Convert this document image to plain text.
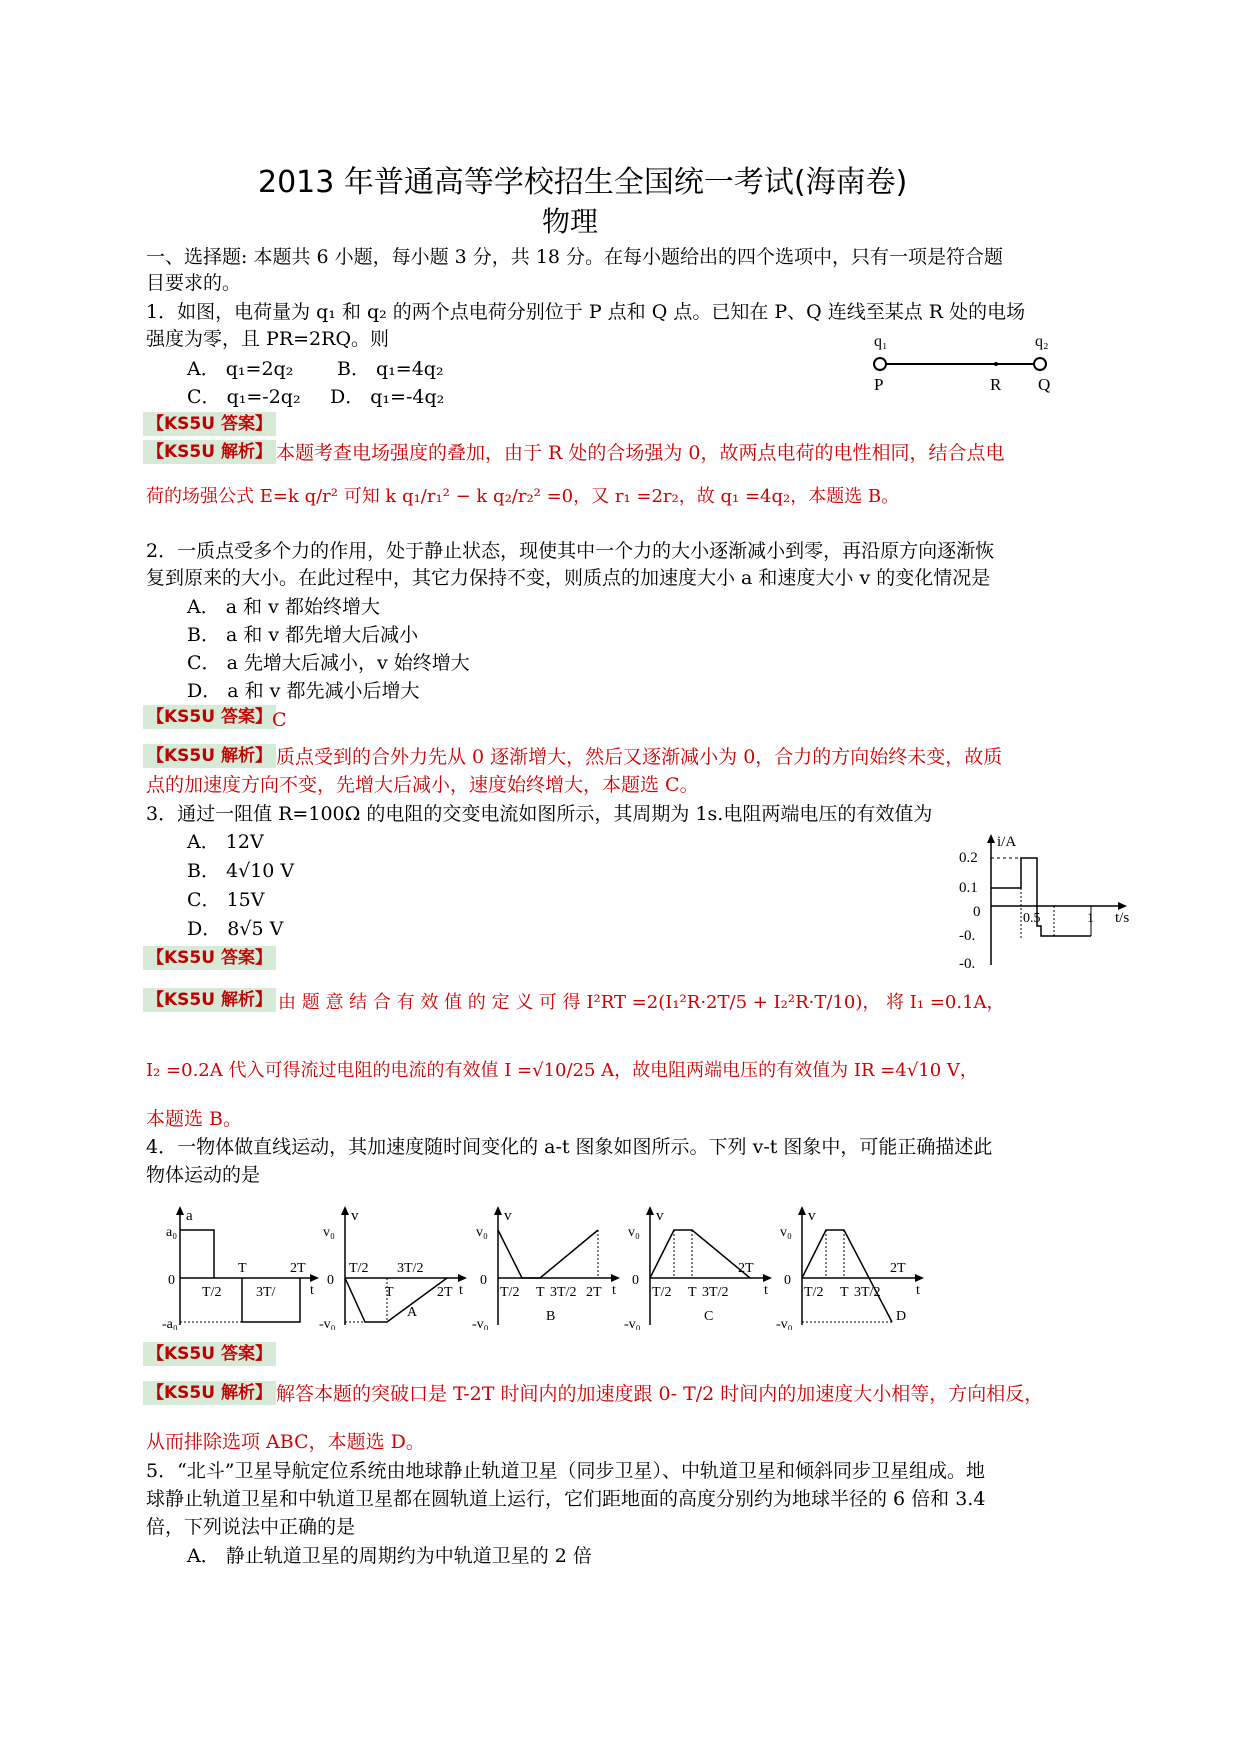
2013 年普通高等学校招生全国统一考试(海南卷)
物理
一、选择题: 本题共 6 小题，每小题 3 分，共 18 分。在每小题给出的四个选项中，只有一项是符合题
目要求的。
1．如图，电荷量为 q₁ 和 q₂ 的两个点电荷分别位于 P 点和 Q 点。已知在 P、Q 连线至某点 R 处的电场
强度为零，且 PR=2RQ。则
A． q₁=2q₂ B． q₁=4q₂
C． q₁=-2q₂ D． q₁=-4q₂
q₁	q₂
P	R Q
【KS5U 答案】
【KS5U 解析】 本题考查电场强度的叠加，由于 R 处的合场强为 0，故两点电荷的电性相同，结合点电
荷的场强公式 E=k q/r² 可知 k q₁/r₁² − k q₂/r₂² =0，又 r₁ =2r₂，故 q₁ =4q₂，本题选 B。
2．一质点受多个力的作用，处于静止状态，现使其中一个力的大小逐渐减小到零，再沿原方向逐渐恢
复到原来的大小。在此过程中，其它力保持不变，则质点的加速度大小 a 和速度大小 v 的变化情况是
A． a 和 v 都始终增大
B． a 和 v 都先增大后减小
C． a 先增大后减小，v 始终增大
D． a 和 v 都先减小后增大
【KS5U 答案】 C
【KS5U 解析】 质点受到的合外力先从 0 逐渐增大，然后又逐渐减小为 0，合力的方向始终未变，故质
点的加速度方向不变，先增大后减小，速度始终增大，本题选 C。
3．通过一阻值 R=100Ω 的电阻的交变电流如图所示，其周期为 1s.电阻两端电压的有效值为
A． 12V
B． 4√10 V
C． 15V
D． 8√5 V
i/A
0.2
0.1
0
-0.
-0.
0.5	1 t/s
【KS5U 答案】
【KS5U 解析】 由 题 意 结 合 有 效 值 的 定 义 可 得 I²RT =2(I₁²R·2T/5 + I₂²R·T/10)， 将 I₁ =0.1A，
I₂ =0.2A 代入可得流过电阻的电流的有效值 I =√10/25 A，故电阻两端电压的有效值为 IR =4√10 V，
本题选 B。
4．一物体做直线运动，其加速度随时间变化的 a-t 图象如图所示。下列 v-t 图象中，可能正确描述此
物体运动的是
a
a₀
0
-a₀
T	2T
T/2 3T/ t
v
v₀
0
-v₀
T/2 3T/2
T	2T t
A
v
v₀
0
-v₀
T/2 T 3T/2 2T t
B
v
v₀
0
-v₀
2T
T/2 T 3T/2	t
C
v
v₀
0
-v₀
2T
T/2 T 3T/2	t
D
【KS5U 答案】
【KS5U 解析】 解答本题的突破口是 T-2T 时间内的加速度跟 0- T/2 时间内的加速度大小相等，方向相反，
从而排除选项 ABC，本题选 D。
5．“北斗”卫星导航定位系统由地球静止轨道卫星（同步卫星）、中轨道卫星和倾斜同步卫星组成。地
球静止轨道卫星和中轨道卫星都在圆轨道上运行，它们距地面的高度分别约为地球半径的 6 倍和 3.4
倍，下列说法中正确的是
A． 静止轨道卫星的周期约为中轨道卫星的 2 倍
